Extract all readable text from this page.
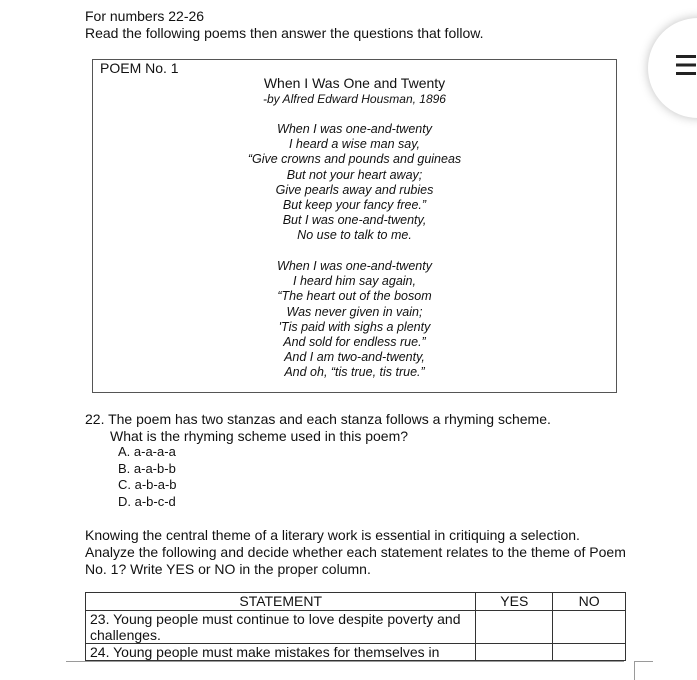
For numbers 22-26
Read the following poems then answer the questions that follow.
POEM No. 1
When I Was One and Twenty
-by Alfred Edward Housman, 1896
When I was one-and-twenty
I heard a wise man say,
“Give crowns and pounds and guineas
But not your heart away;
Give pearls away and rubies
But keep your fancy free.”
But I was one-and-twenty,
No use to talk to me.
When I was one-and-twenty
I heard him say again,
“The heart out of the bosom
Was never given in vain;
'Tis paid with sighs a plenty
And sold for endless rue.”
And I am two-and-twenty,
And oh, “tis true, tis true.”
22. The poem has two stanzas and each stanza follows a rhyming scheme.
What is the rhyming scheme used in this poem?
A. a-a-a-a
B. a-a-b-b
C. a-b-a-b
D. a-b-c-d
Knowing the central theme of a literary work is essential in critiquing a selection.
Analyze the following and decide whether each statement relates to the theme of Poem
No. 1? Write YES or NO in the proper column.
STATEMENT	YES	NO

23. Young people must continue to love despite poverty and
challenges.		

24. Young people must make mistakes for themselves in		
